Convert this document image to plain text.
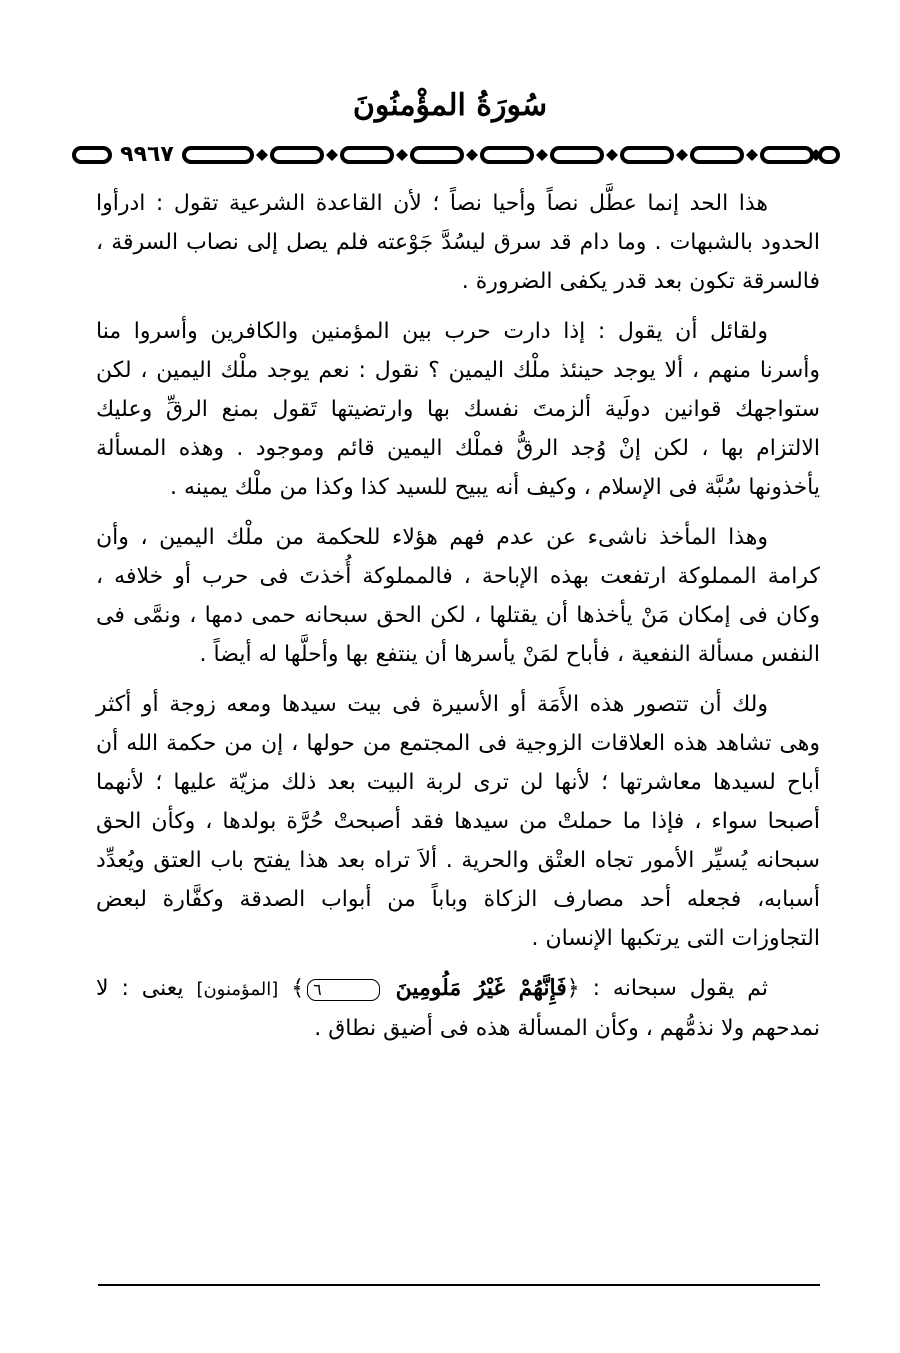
سُورَةُ المؤْمنُونَ
٩٩٦٧

هذا الحد إنما عطَّل نصاً وأحيا نصاً ؛ لأن القاعدة الشرعية تقول : ادرأوا الحدود بالشبهات . وما دام قد سرق ليسُدَّ جَوْعته فلم يصل إلى نصاب السرقة ، فالسرقة تكون بعد قدر يكفى الضرورة .

ولقائل أن يقول : إذا دارت حرب بين المؤمنين والكافرين وأسروا منا وأسرنا منهم ، ألا يوجد حينئذ ملْك اليمين ؟ نقول : نعم يوجد ملْك اليمين ، لكن ستواجهك قوانين دولَية ألزمتَ نفسك بها وارتضيتها تَقول بمنع الرقِّ وعليك الالتزام بها ، لكن إنْ وُجد الرقُّ فملْك اليمين قائم وموجود . وهذه المسألة يأخذونها سُبَّة فى الإسلام ، وكيف أنه يبيح للسيد كذا وكذا من ملْك يمينه .

وهذا المأخذ ناشىء عن عدم فهم هؤلاء للحكمة من ملْك اليمين ، وأن كرامة المملوكة ارتفعت بهذه الإباحة ، فالمملوكة أُخذتَ فى حرب أو خلافه ، وكان فى إمكان مَنْ يأخذها أن يقتلها ، لكن الحق سبحانه حمى دمها ، ونمَّى فى النفس مسألة النفعية ، فأباح لمَنْ يأسرها أن ينتفع بها وأحلَّها له أيضاً .

ولك أن تتصور هذه الأَمَة أو الأسيرة فى بيت سيدها ومعه زوجة أو أكثر وهى تشاهد هذه العلاقات الزوجية فى المجتمع من حولها ، إن من حكمة الله أن أباح لسيدها معاشرتها ؛ لأنها لن ترى لربة البيت بعد ذلك مزيّة عليها ؛ لأنهما أصبحا سواء ، فإذا ما حملتْ من سيدها فقد أصبحتْ حُرَّة بولدها ، وكأن الحق سبحانه يُسيِّر الأمور تجاه العتْق والحرية . ألاَ تراه بعد هذا يفتح باب العتق ويُعدِّد أسبابه، فجعله أحد مصارف الزكاة وباباً من أبواب الصدقة وكفَّارة لبعض التجاوزات التى يرتكبها الإنسان .

ثم يقول سبحانه : ﴿فَإِنَّهُمْ غَيْرُ مَلُومِينَ ٦﴾ [المؤمنون] يعنى : لا نمدحهم ولا نذمُّهم ، وكأن المسألة هذه فى أضيق نطاق .
